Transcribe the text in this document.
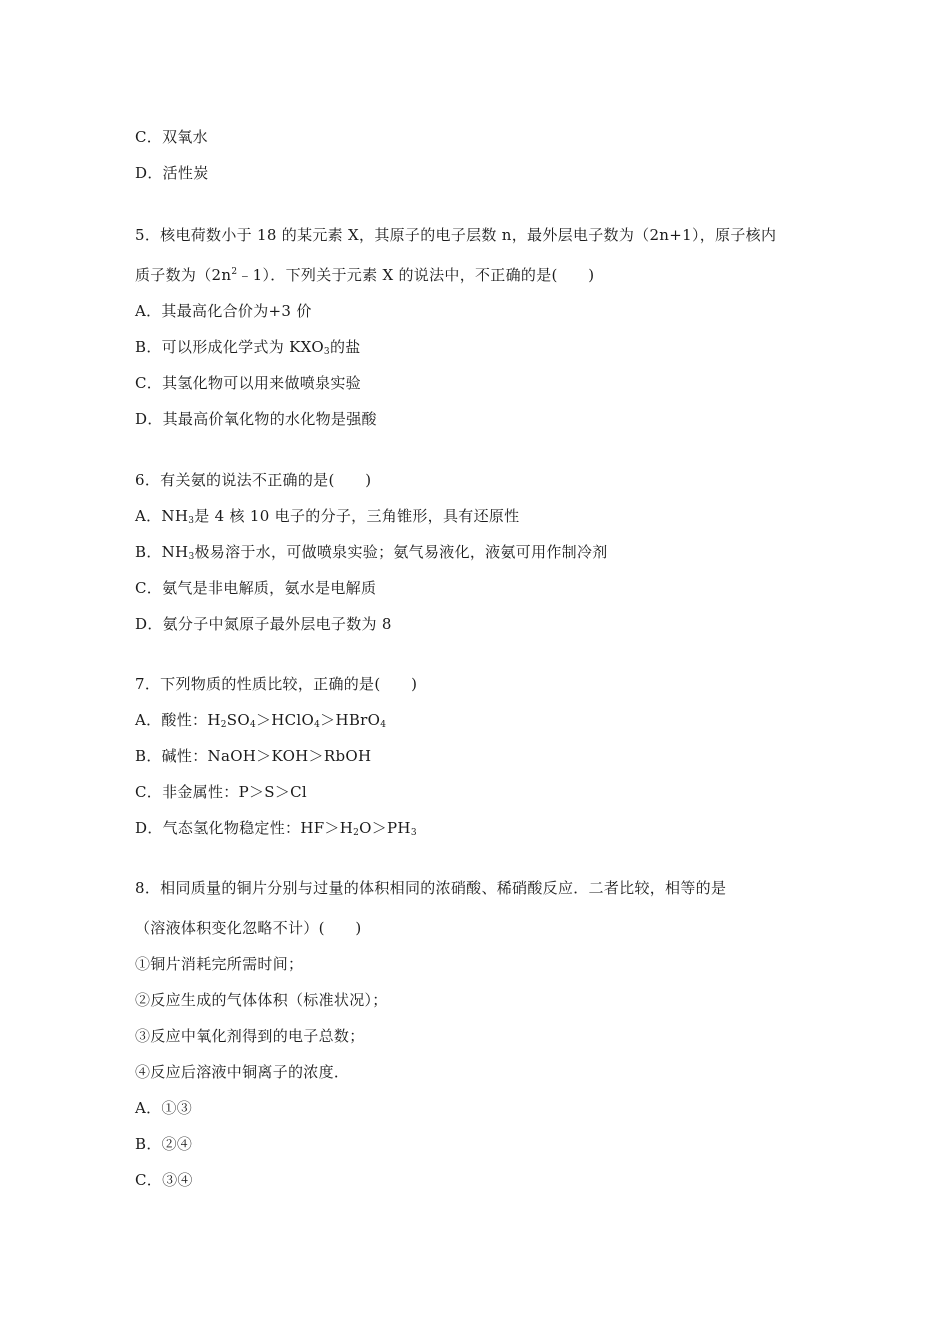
C．双氧水
D．活性炭
5．核电荷数小于 18 的某元素 X，其原子的电子层数 n，最外层电子数为（2n+1），原子核内
质子数为$(2n^2﹣1)$．下列关于元素 X 的说法中，不正确的是(　　)
A．其最高化合价为+3 价
B．可以形成化学式为 $KXO_3$的盐
C．其氢化物可以用来做喷泉实验
D．其最高价氧化物的水化物是强酸
6．有关氨的说法不正确的是(　　)
A．$NH_3$是 4 核 10 电子的分子，三角锥形，具有还原性
B．$NH_3$极易溶于水，可做喷泉实验；氨气易液化，液氨可用作制冷剂
C．氨气是非电解质，氨水是电解质
D．氨分子中氮原子最外层电子数为 8
7．下列物质的性质比较，正确的是(　　)
A．酸性：$H_2SO_4>HClO_4>HBrO_4$
B．碱性：NaOH＞KOH＞RbOH
C．非金属性：P＞S＞Cl
D．气态氢化物稳定性：$HF>H_2O>PH_3$
8．相同质量的铜片分别与过量的体积相同的浓硝酸、稀硝酸反应．二者比较，相等的是
（溶液体积变化忽略不计）(　　)
①铜片消耗完所需时间；
②反应生成的气体体积（标准状况）；
③反应中氧化剂得到的电子总数；
④反应后溶液中铜离子的浓度．
A．①③
B．②④
C．③④
